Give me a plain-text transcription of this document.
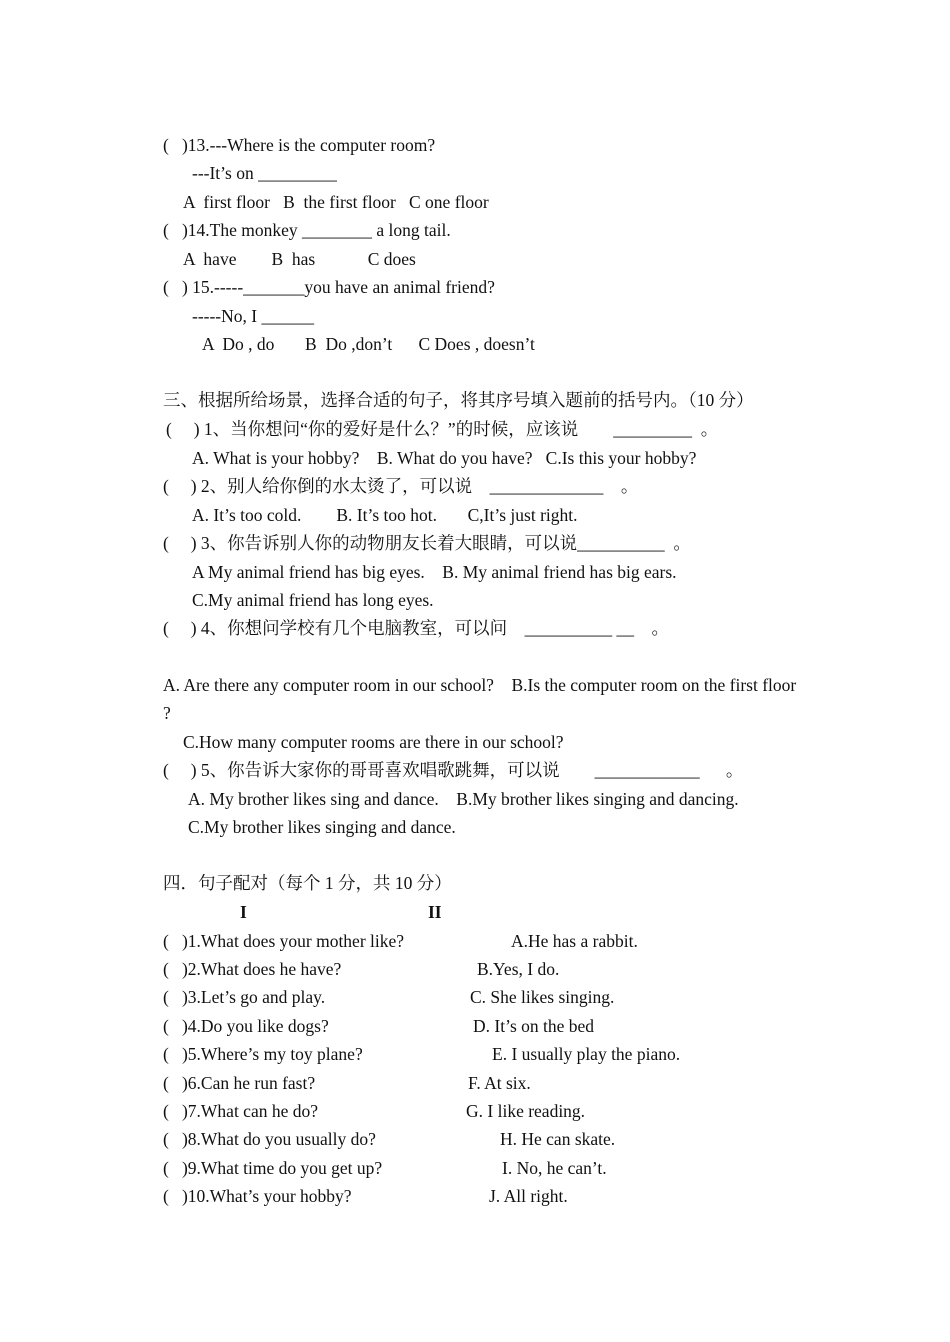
(   )13.---Where is the computer room?
---It’s on _________
A  first floor   B  the first floor   C one floor
(   )14.The monkey ________ a long tail.
A  have        B  has            C does
(   ) 15.-----_______you have an animal friend?
-----No, I ______
A  Do , do       B  Do ,don’t      C Does , doesn’t
三、根据所给场景，选择合适的句子，将其序号填入题前的括号内。（10 分）
(     ) 1、当你想问“你的爱好是什么？”的时候，应该说        _________  。
A. What is your hobby?    B. What do you have?   C.Is this your hobby?
(     ) 2、别人给你倒的水太烫了，可以说    _____________    。
A. It’s too cold.        B. It’s too hot.       C,It’s just right.
(     ) 3、你告诉别人你的动物朋友长着大眼睛，可以说__________  。
A My animal friend has big eyes.    B. My animal friend has big ears.
C.My animal friend has long eyes.
(     ) 4、你想问学校有几个电脑教室，可以问    __________ __    。
A. Are there any computer room in our school?    B.Is the computer room on the first floor
?
C.How many computer rooms are there in our school?
(     ) 5、你告诉大家你的哥哥喜欢唱歌跳舞，可以说        ____________      。
A. My brother likes sing and dance.    B.My brother likes singing and dancing.
C.My brother likes singing and dance.
四．句子配对（每个 1 分，共 10 分）
I	II
(   )1.What does your mother like?	A.He has a rabbit.
(   )2.What does he have?	B.Yes, I do.
(   )3.Let’s go and play.	C. She likes singing.
(   )4.Do you like dogs?	D. It’s on the bed
(   )5.Where’s my toy plane?	E. I usually play the piano.
(   )6.Can he run fast?	F. At six.
(   )7.What can he do?	G. I like reading.
(   )8.What do you usually do?	H. He can skate.
(   )9.What time do you get up?	I. No, he can’t.
(   )10.What’s your hobby?	J. All right.
